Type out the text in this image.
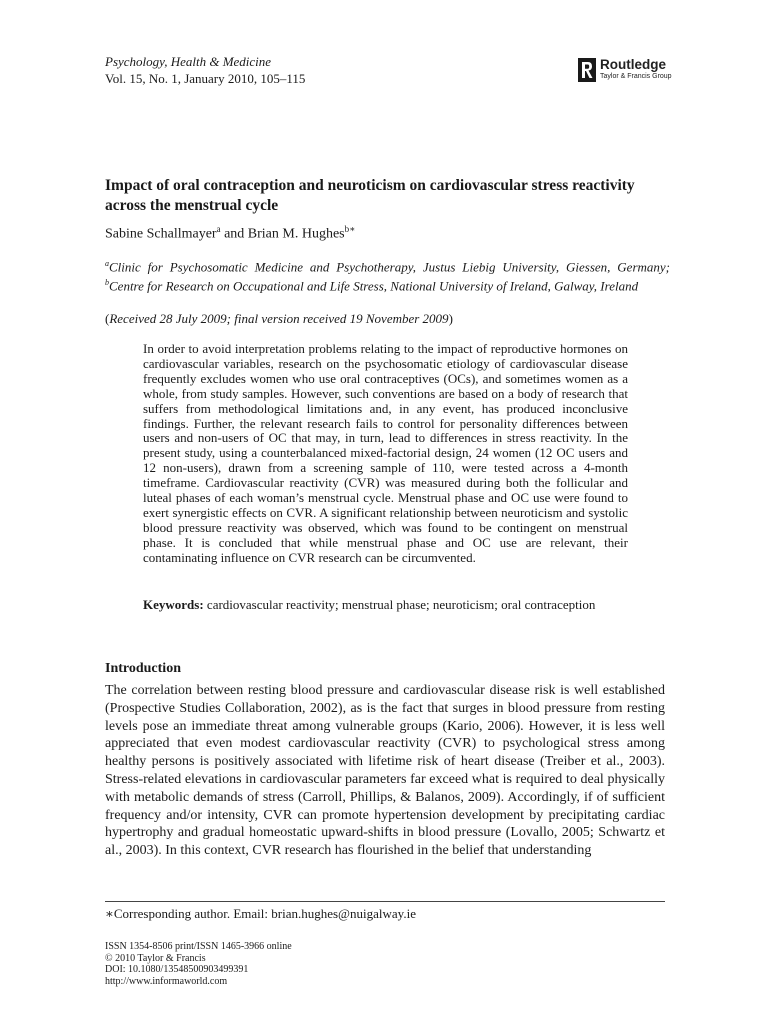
Psychology, Health & Medicine
Vol. 15, No. 1, January 2010, 105–115
Routledge
Taylor & Francis Group
Impact of oral contraception and neuroticism on cardiovascular stress reactivity across the menstrual cycle
Sabine Schallmayer$^a$ and Brian M. Hughes$^{b∗}$
$^a$Clinic for Psychosomatic Medicine and Psychotherapy, Justus Liebig University, Giessen, Germany; $^b$Centre for Research on Occupational and Life Stress, National University of Ireland, Galway, Ireland
(Received 28 July 2009; final version received 19 November 2009)

In order to avoid interpretation problems relating to the impact of reproductive hormones on cardiovascular variables, research on the psychosomatic etiology of cardiovascular disease frequently excludes women who use oral contraceptives (OCs), and sometimes women as a whole, from study samples. However, such conventions are based on a body of research that suffers from methodological limitations and, in any event, has produced inconclusive findings. Further, the relevant research fails to control for personality differences between users and non-users of OC that may, in turn, lead to differences in stress reactivity. In the present study, using a counterbalanced mixed-factorial design, 24 women (12 OC users and 12 non-users), drawn from a screening sample of 110, were tested across a 4-month timeframe. Cardiovascular reactivity (CVR) was measured during both the follicular and luteal phases of each woman’s menstrual cycle. Menstrual phase and OC use were found to exert synergistic effects on CVR. A significant relationship between neuroticism and systolic blood pressure reactivity was observed, which was found to be contingent on menstrual phase. It is concluded that while menstrual phase and OC use are relevant, their contaminating influence on CVR research can be circumvented.

Keywords: cardiovascular reactivity; menstrual phase; neuroticism; oral contraception
Introduction

The correlation between resting blood pressure and cardiovascular disease risk is well established (Prospective Studies Collaboration, 2002), as is the fact that surges in blood pressure from resting levels pose an immediate threat among vulnerable groups (Kario, 2006). However, it is less well appreciated that even modest cardiovascular reactivity (CVR) to psychological stress among healthy persons is positively associated with lifetime risk of heart disease (Treiber et al., 2003). Stress-related elevations in cardiovascular parameters far exceed what is required to deal physically with metabolic demands of stress (Carroll, Phillips, & Balanos, 2009). Accordingly, if of sufficient frequency and/or intensity, CVR can promote hypertension development by precipitating cardiac hypertrophy and gradual homeostatic upward-shifts in blood pressure (Lovallo, 2005; Schwartz et al., 2003). In this context, CVR research has flourished in the belief that understanding

∗Corresponding author. Email: brian.hughes@nuigalway.ie
ISSN 1354-8506 print/ISSN 1465-3966 online
© 2010 Taylor & Francis
DOI: 10.1080/13548500903499391
http://www.informaworld.com
